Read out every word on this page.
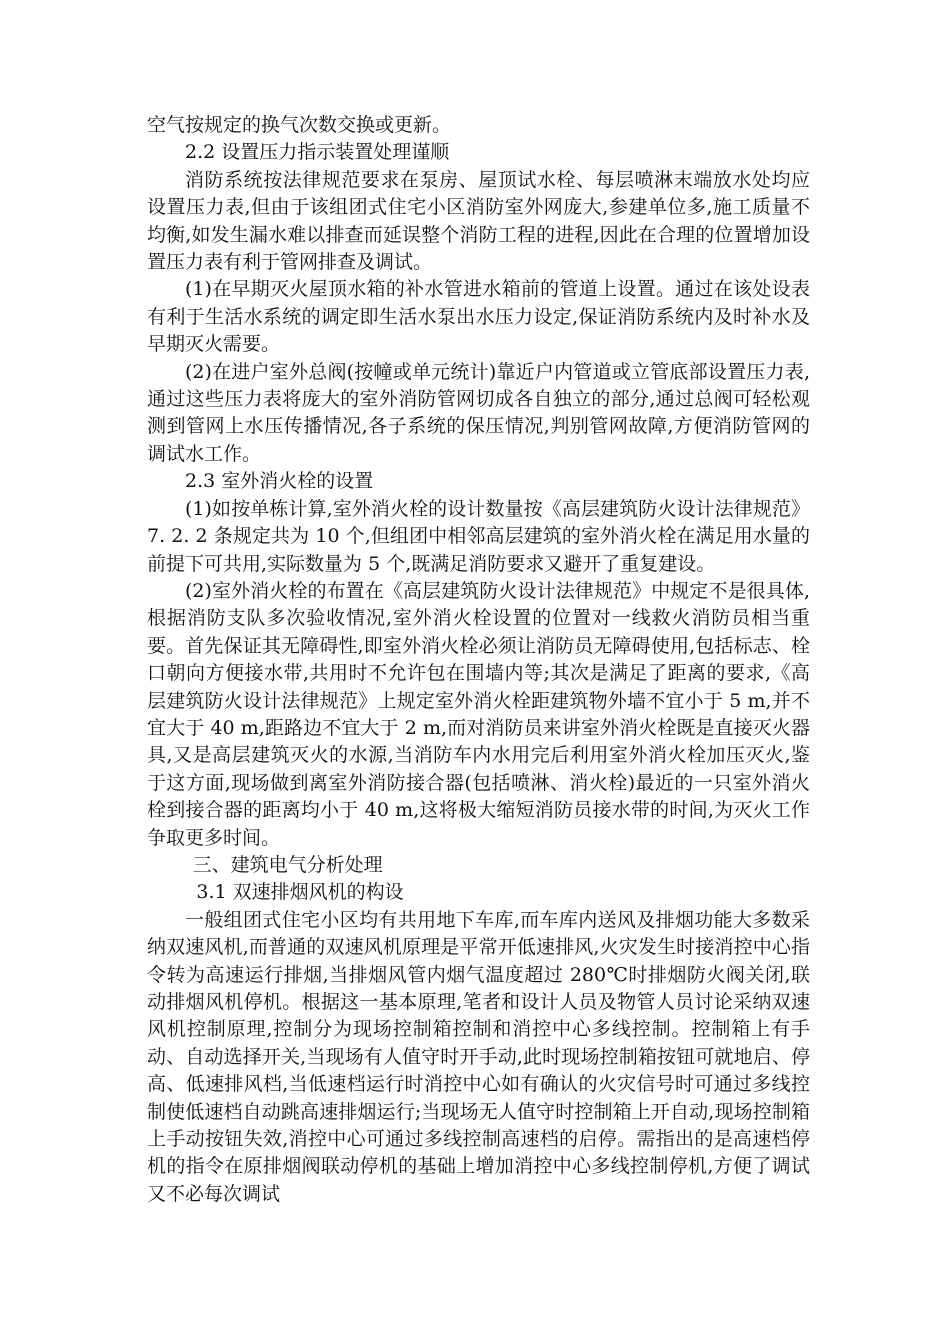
空气按规定的换气次数交换或更新。

2.2 设置压力指示装置处理谨顺

消防系统按法律规范要求在泵房、屋顶试水栓、每层喷淋末端放水处均应设置压力表,但由于该组团式住宅小区消防室外网庞大,参建单位多,施工质量不均衡,如发生漏水难以排查而延误整个消防工程的进程,因此在合理的位置增加设置压力表有利于管网排查及调试。

(1)在早期灭火屋顶水箱的补水管进水箱前的管道上设置。通过在该处设表有利于生活水系统的调定即生活水泵出水压力设定,保证消防系统内及时补水及早期灭火需要。

(2)在进户室外总阀(按幢或单元统计)靠近户内管道或立管底部设置压力表,通过这些压力表将庞大的室外消防管网切成各自独立的部分,通过总阀可轻松观测到管网上水压传播情况,各子系统的保压情况,判别管网故障,方便消防管网的调试水工作。

2.3 室外消火栓的设置

(1)如按单栋计算,室外消火栓的设计数量按《高层建筑防火设计法律规范》7. 2. 2 条规定共为 10 个,但组团中相邻高层建筑的室外消火栓在满足用水量的前提下可共用,实际数量为 5 个,既满足消防要求又避开了重复建设。

(2)室外消火栓的布置在《高层建筑防火设计法律规范》中规定不是很具体,根据消防支队多次验收情况,室外消火栓设置的位置对一线救火消防员相当重要。首先保证其无障碍性,即室外消火栓必须让消防员无障碍使用,包括标志、栓口朝向方便接水带,共用时不允许包在围墙内等;其次是满足了距离的要求,《高层建筑防火设计法律规范》上规定室外消火栓距建筑物外墙不宜小于 5 m,并不宜大于 40 m,距路边不宜大于 2 m,而对消防员来讲室外消火栓既是直接灭火器具,又是高层建筑灭火的水源,当消防车内水用完后利用室外消火栓加压灭火,鉴于这方面,现场做到离室外消防接合器(包括喷淋、消火栓)最近的一只室外消火栓到接合器的距离均小于 40 m,这将极大缩短消防员接水带的时间,为灭火工作争取更多时间。

三、建筑电气分析处理

3.1 双速排烟风机的构设

一般组团式住宅小区均有共用地下车库,而车库内送风及排烟功能大多数采纳双速风机,而普通的双速风机原理是平常开低速排风,火灾发生时接消控中心指令转为高速运行排烟,当排烟风管内烟气温度超过 280℃时排烟防火阀关闭,联动排烟风机停机。根据这一基本原理,笔者和设计人员及物管人员讨论采纳双速风机控制原理,控制分为现场控制箱控制和消控中心多线控制。控制箱上有手动、自动选择开关,当现场有人值守时开手动,此时现场控制箱按钮可就地启、停高、低速排风档,当低速档运行时消控中心如有确认的火灾信号时可通过多线控制使低速档自动跳高速排烟运行;当现场无人值守时控制箱上开自动,现场控制箱上手动按钮失效,消控中心可通过多线控制高速档的启停。需指出的是高速档停机的指令在原排烟阀联动停机的基础上增加消控中心多线控制停机,方便了调试又不必每次调试
